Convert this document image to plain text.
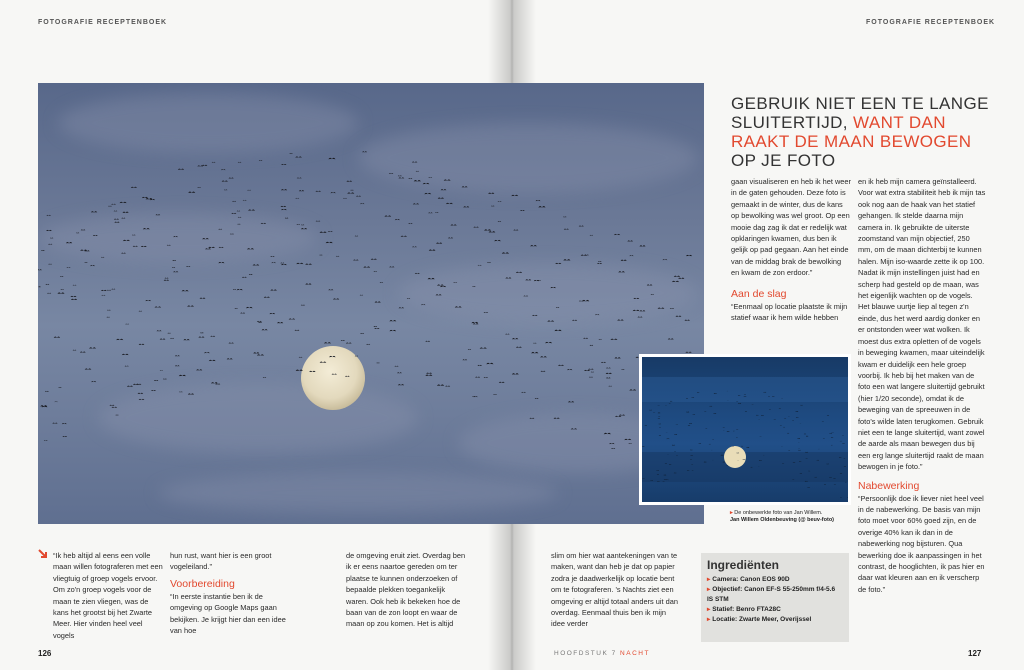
FOTOGRAFIE RECEPTENBOEK	FOTOGRAFIE RECEPTENBOEK
▸ De onbewerkte foto van Jan Willem.
Jan Willem Oldenbeuving (@ beuv-foto)
GEBRUIK NIET EEN TE LANGE SLUITERTIJD, WANT DAN RAAKT DE MAAN BEWOGEN OP JE FOTO
“Ik heb altijd al eens een volle maan willen fotograferen met een vliegtuig of groep vogels ervoor. Om zo'n groep vogels voor de maan te zien vliegen, was de kans het grootst bij het Zwarte Meer. Hier vinden heel veel vogels
hun rust, want hier is een groot vogeleiland.”
Voorbereiding
“In eerste instantie ben ik de omgeving op Google Maps gaan bekijken. Je krijgt hier dan een idee van hoe
de omgeving eruit ziet. Overdag ben ik er eens naartoe gereden om ter plaatse te kunnen onderzoeken of bepaalde plekken toegankelijk waren. Ook heb ik bekeken hoe de baan van de zon loopt en waar de maan op zou komen. Het is altijd
slim om hier wat aantekeningen van te maken, want dan heb je dat op papier zodra je daadwerkelijk op locatie bent om te fotograferen. 's Nachts ziet een omgeving er altijd totaal anders uit dan overdag. Eenmaal thuis ben ik mijn idee verder
gaan visualiseren en heb ik het weer in de gaten gehouden. Deze foto is gemaakt in de winter, dus de kans op bewolking was wel groot. Op een mooie dag zag ik dat er redelijk wat opklaringen kwamen, dus ben ik gelijk op pad gegaan. Aan het einde van de middag brak de bewolking en kwam de zon erdoor.”
Aan de slag
“Eenmaal op locatie plaatste ik mijn statief waar ik hem wilde hebben
en ik heb mijn camera geïnstalleerd. Voor wat extra stabiliteit heb ik mijn tas ook nog aan de haak van het statief gehangen. Ik stelde daarna mijn camera in. Ik gebruikte de uiterste zoomstand van mijn objectief, 250 mm, om de maan dichterbij te kunnen halen. Mijn iso-waarde zette ik op 100. Nadat ik mijn instellingen juist had en scherp had gesteld op de maan, was het eigenlijk wachten op de vogels. Het blauwe uurtje liep al tegen z'n einde, dus het werd aardig donker en er ontstonden weer wat wolken. Ik moest dus extra opletten of de vogels in beweging kwamen, maar uiteindelijk kwam er duidelijk een hele groep voorbij. Ik heb bij het maken van de foto een wat langere sluitertijd gebruikt (hier 1/20 seconde), omdat ik de beweging van de spreeuwen in de foto's wilde laten terugkomen. Gebruik niet een te lange sluitertijd, want zowel de aarde als maan bewegen dus bij een erg lange sluitertijd raakt de maan bewogen in je foto.”
Nabewerking
“Persoonlijk doe ik liever niet heel veel in de nabewerking. De basis van mijn foto moet voor 60% goed zijn, en de overige 40% kan ik dan in de nabewerking nog bijsturen. Qua bewerking doe ik aanpassingen in het contrast, de hooglichten, ik pas hier en daar wat kleuren aan en ik verscherp de foto.”
Ingrediënten
▸ Camera: Canon EOS 90D
▸ Objectief: Canon EF-S 55-250mm f/4-5.6 IS STM
▸ Statief: Benro FTA28C
▸ Locatie: Zwarte Meer, Overijssel
126	127
HOOFDSTUK 7 NACHT
